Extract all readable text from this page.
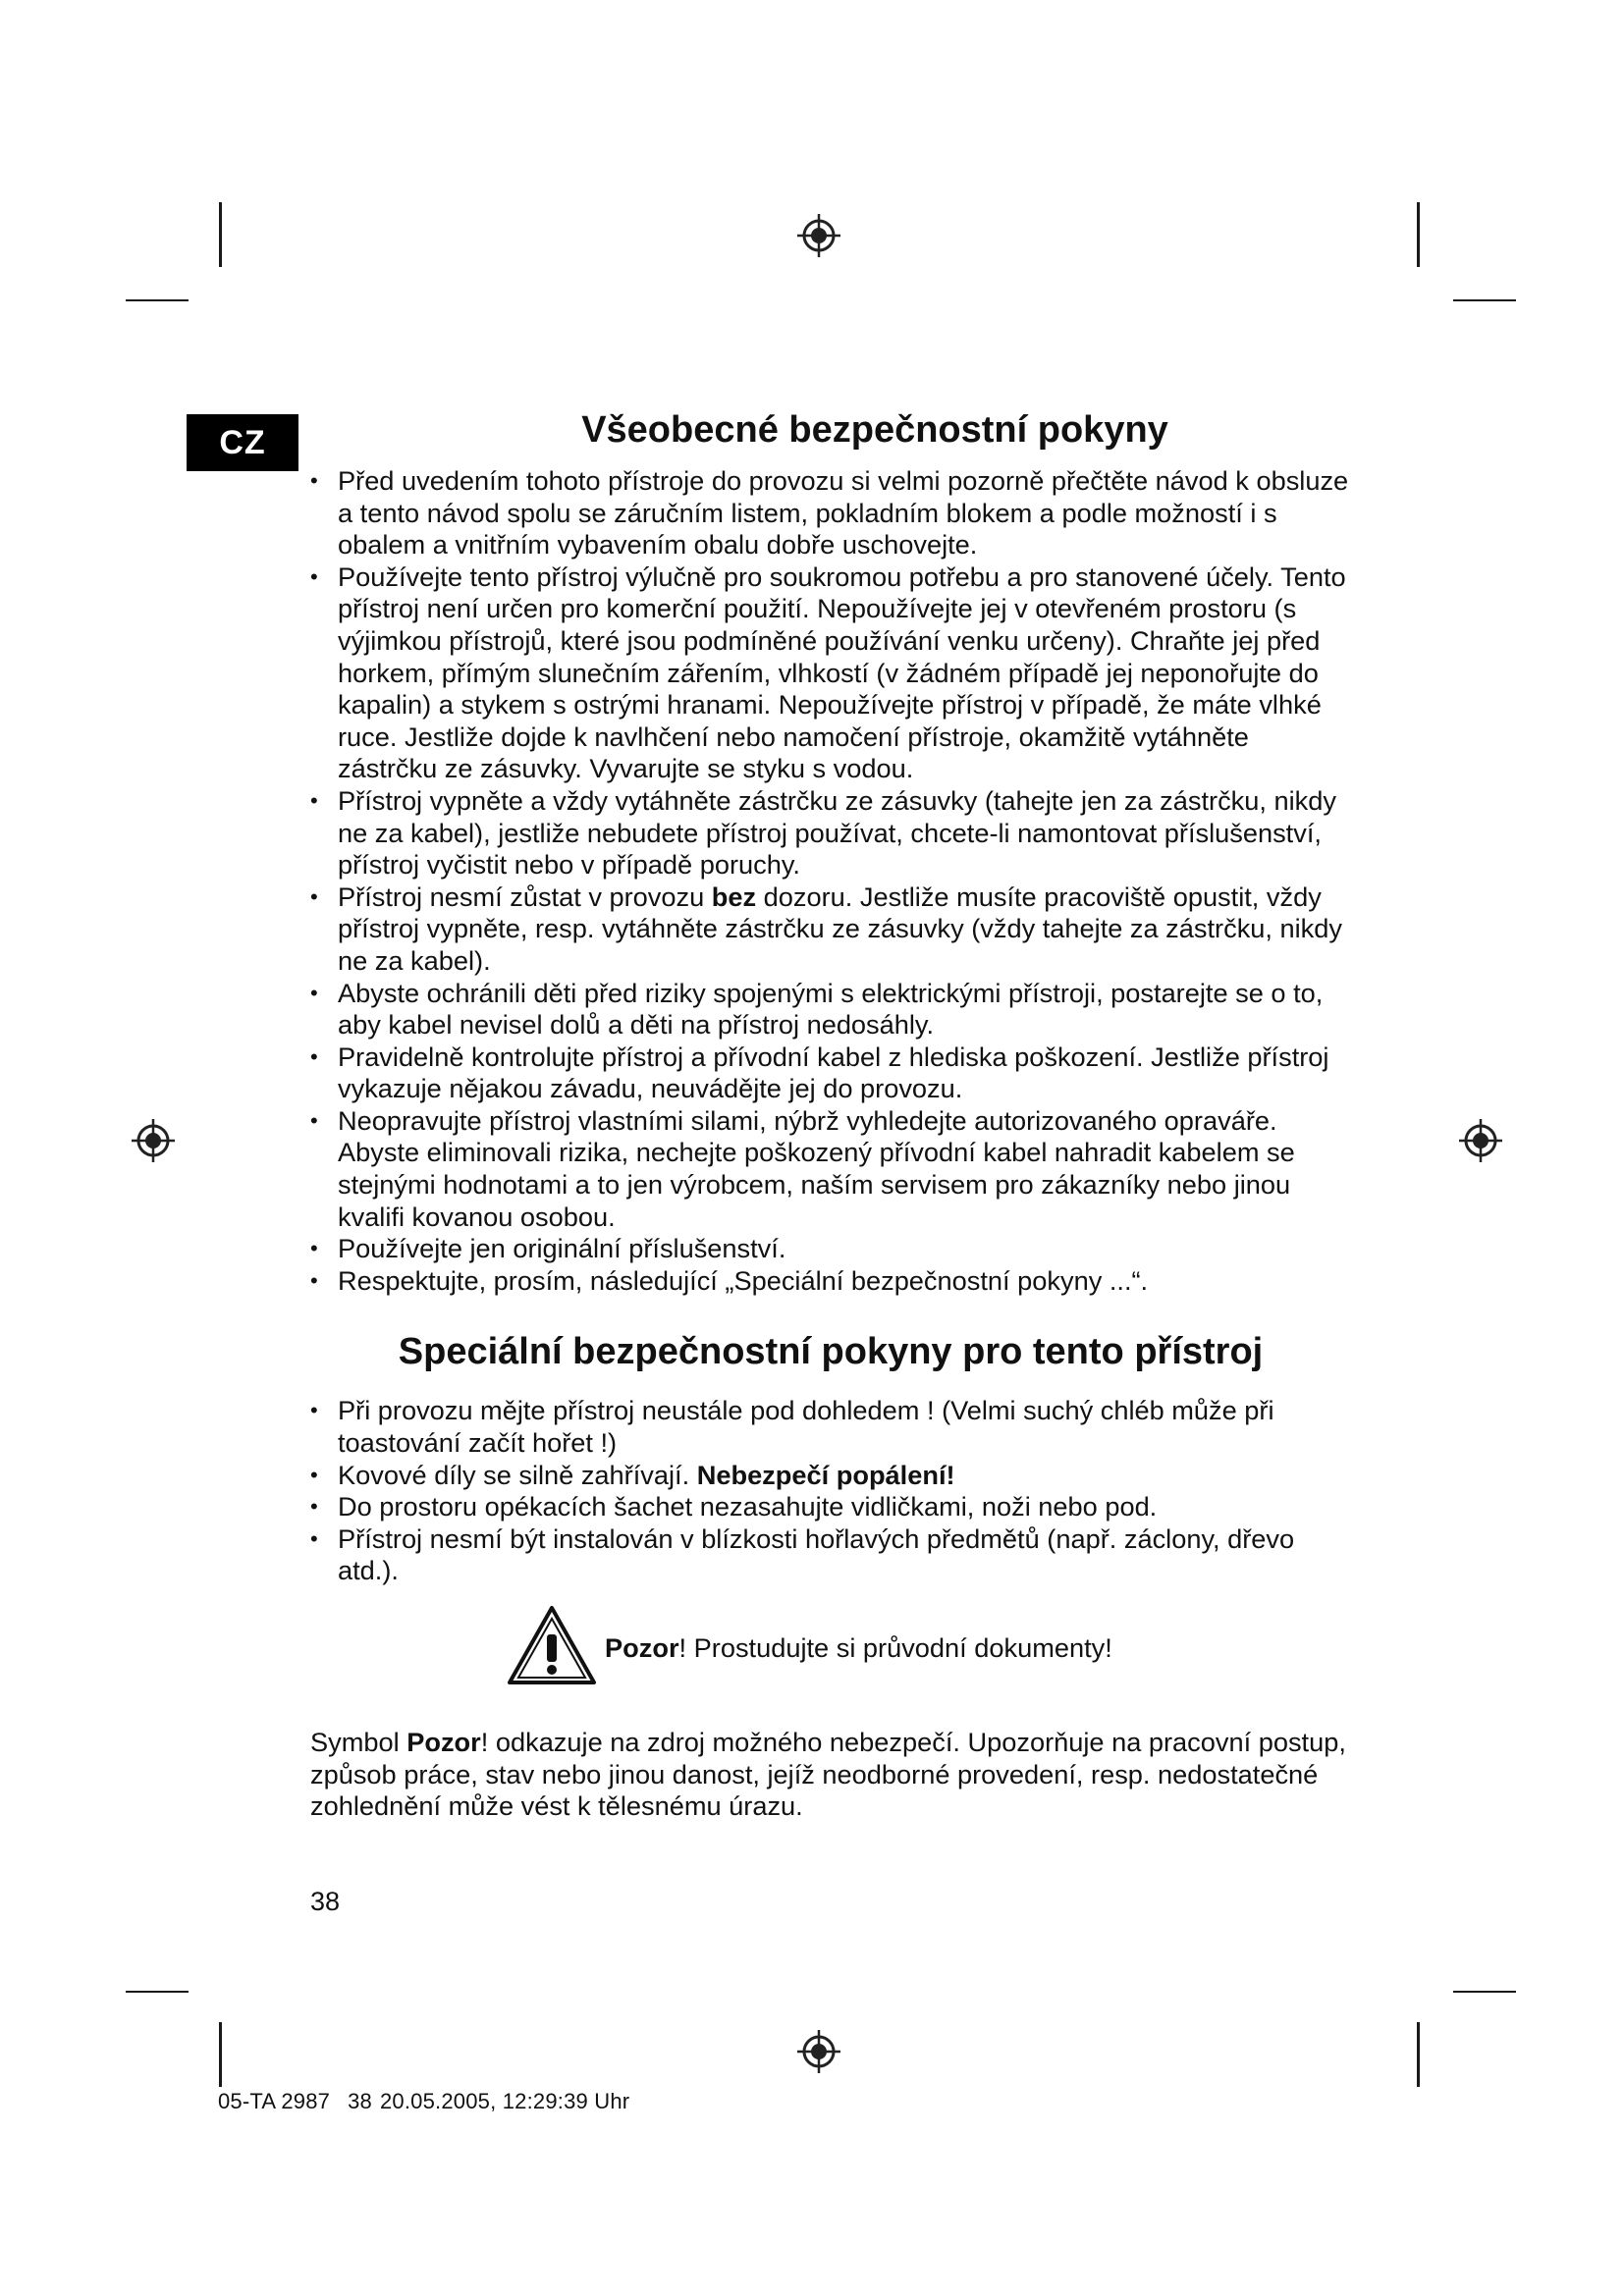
CZ	Všeobecné bezpečnostní pokyny
• Před uvedením tohoto přístroje do provozu si velmi pozorně přečtěte návod k obsluze a tento návod spolu se záručním listem, pokladním blokem a podle možností i s obalem a vnitřním vybavením obalu dobře uschovejte.
• Používejte tento přístroj výlučně pro soukromou potřebu a pro stanovené účely. Tento přístroj není určen pro komerční použití. Nepoužívejte jej v otevřeném prostoru (s výjimkou přístrojů, které jsou podmíněné používání venku určeny). Chraňte jej před horkem, přímým slunečním zářením, vlhkostí (v žádném případě jej neponořujte do kapalin) a stykem s ostrými hranami. Nepoužívejte přístroj v případě, že máte vlhké ruce. Jestliže dojde k navlhčení nebo namočení přístroje, okamžitě vytáhněte zástrčku ze zásuvky. Vyvarujte se styku s vodou.
• Přístroj vypněte a vždy vytáhněte zástrčku ze zásuvky (tahejte jen za zástrčku, nikdy ne za kabel), jestliže nebudete přístroj používat, chcete-li namontovat příslušenství, přístroj vyčistit nebo v případě poruchy.
• Přístroj nesmí zůstat v provozu bez dozoru. Jestliže musíte pracoviště opustit, vždy přístroj vypněte, resp. vytáhněte zástrčku ze zásuvky (vždy tahejte za zástrčku, nikdy ne za kabel).
• Abyste ochránili děti před riziky spojenými s elektrickými přístroji, postarejte se o to, aby kabel nevisel dolů a děti na přístroj nedosáhly.
• Pravidelně kontrolujte přístroj a přívodní kabel z hlediska poškození. Jestliže přístroj vykazuje nějakou závadu, neuvádějte jej do provozu.
• Neopravujte přístroj vlastními silami, nýbrž vyhledejte autorizovaného opraváře. Abyste eliminovali rizika, nechejte poškozený přívodní kabel nahradit kabelem se stejnými hodnotami a to jen výrobcem, naším servisem pro zákazníky nebo jinou kvalifi kovanou osobou.
• Používejte jen originální příslušenství.
• Respektujte, prosím, následující „Speciální bezpečnostní pokyny ...“.
Speciální bezpečnostní pokyny pro tento přístroj
• Při provozu mějte přístroj neustále pod dohledem ! (Velmi suchý chléb může při toastování začít hořet !)
• Kovové díly se silně zahřívají. Nebezpečí popálení!
• Do prostoru opékacích šachet nezasahujte vidličkami, noži nebo pod.
• Přístroj nesmí být instalován v blízkosti hořlavých předmětů (např. záclony, dřevo atd.).
Pozor! Prostudujte si průvodní dokumenty!
Symbol Pozor! odkazuje na zdroj možného nebezpečí. Upozorňuje na pracovní postup, způsob práce, stav nebo jinou danost, jejíž neodborné provedení, resp. nedostatečné zohlednění může vést k tělesnému úrazu.
38
05-TA 2987 38 20.05.2005, 12:29:39 Uhr
